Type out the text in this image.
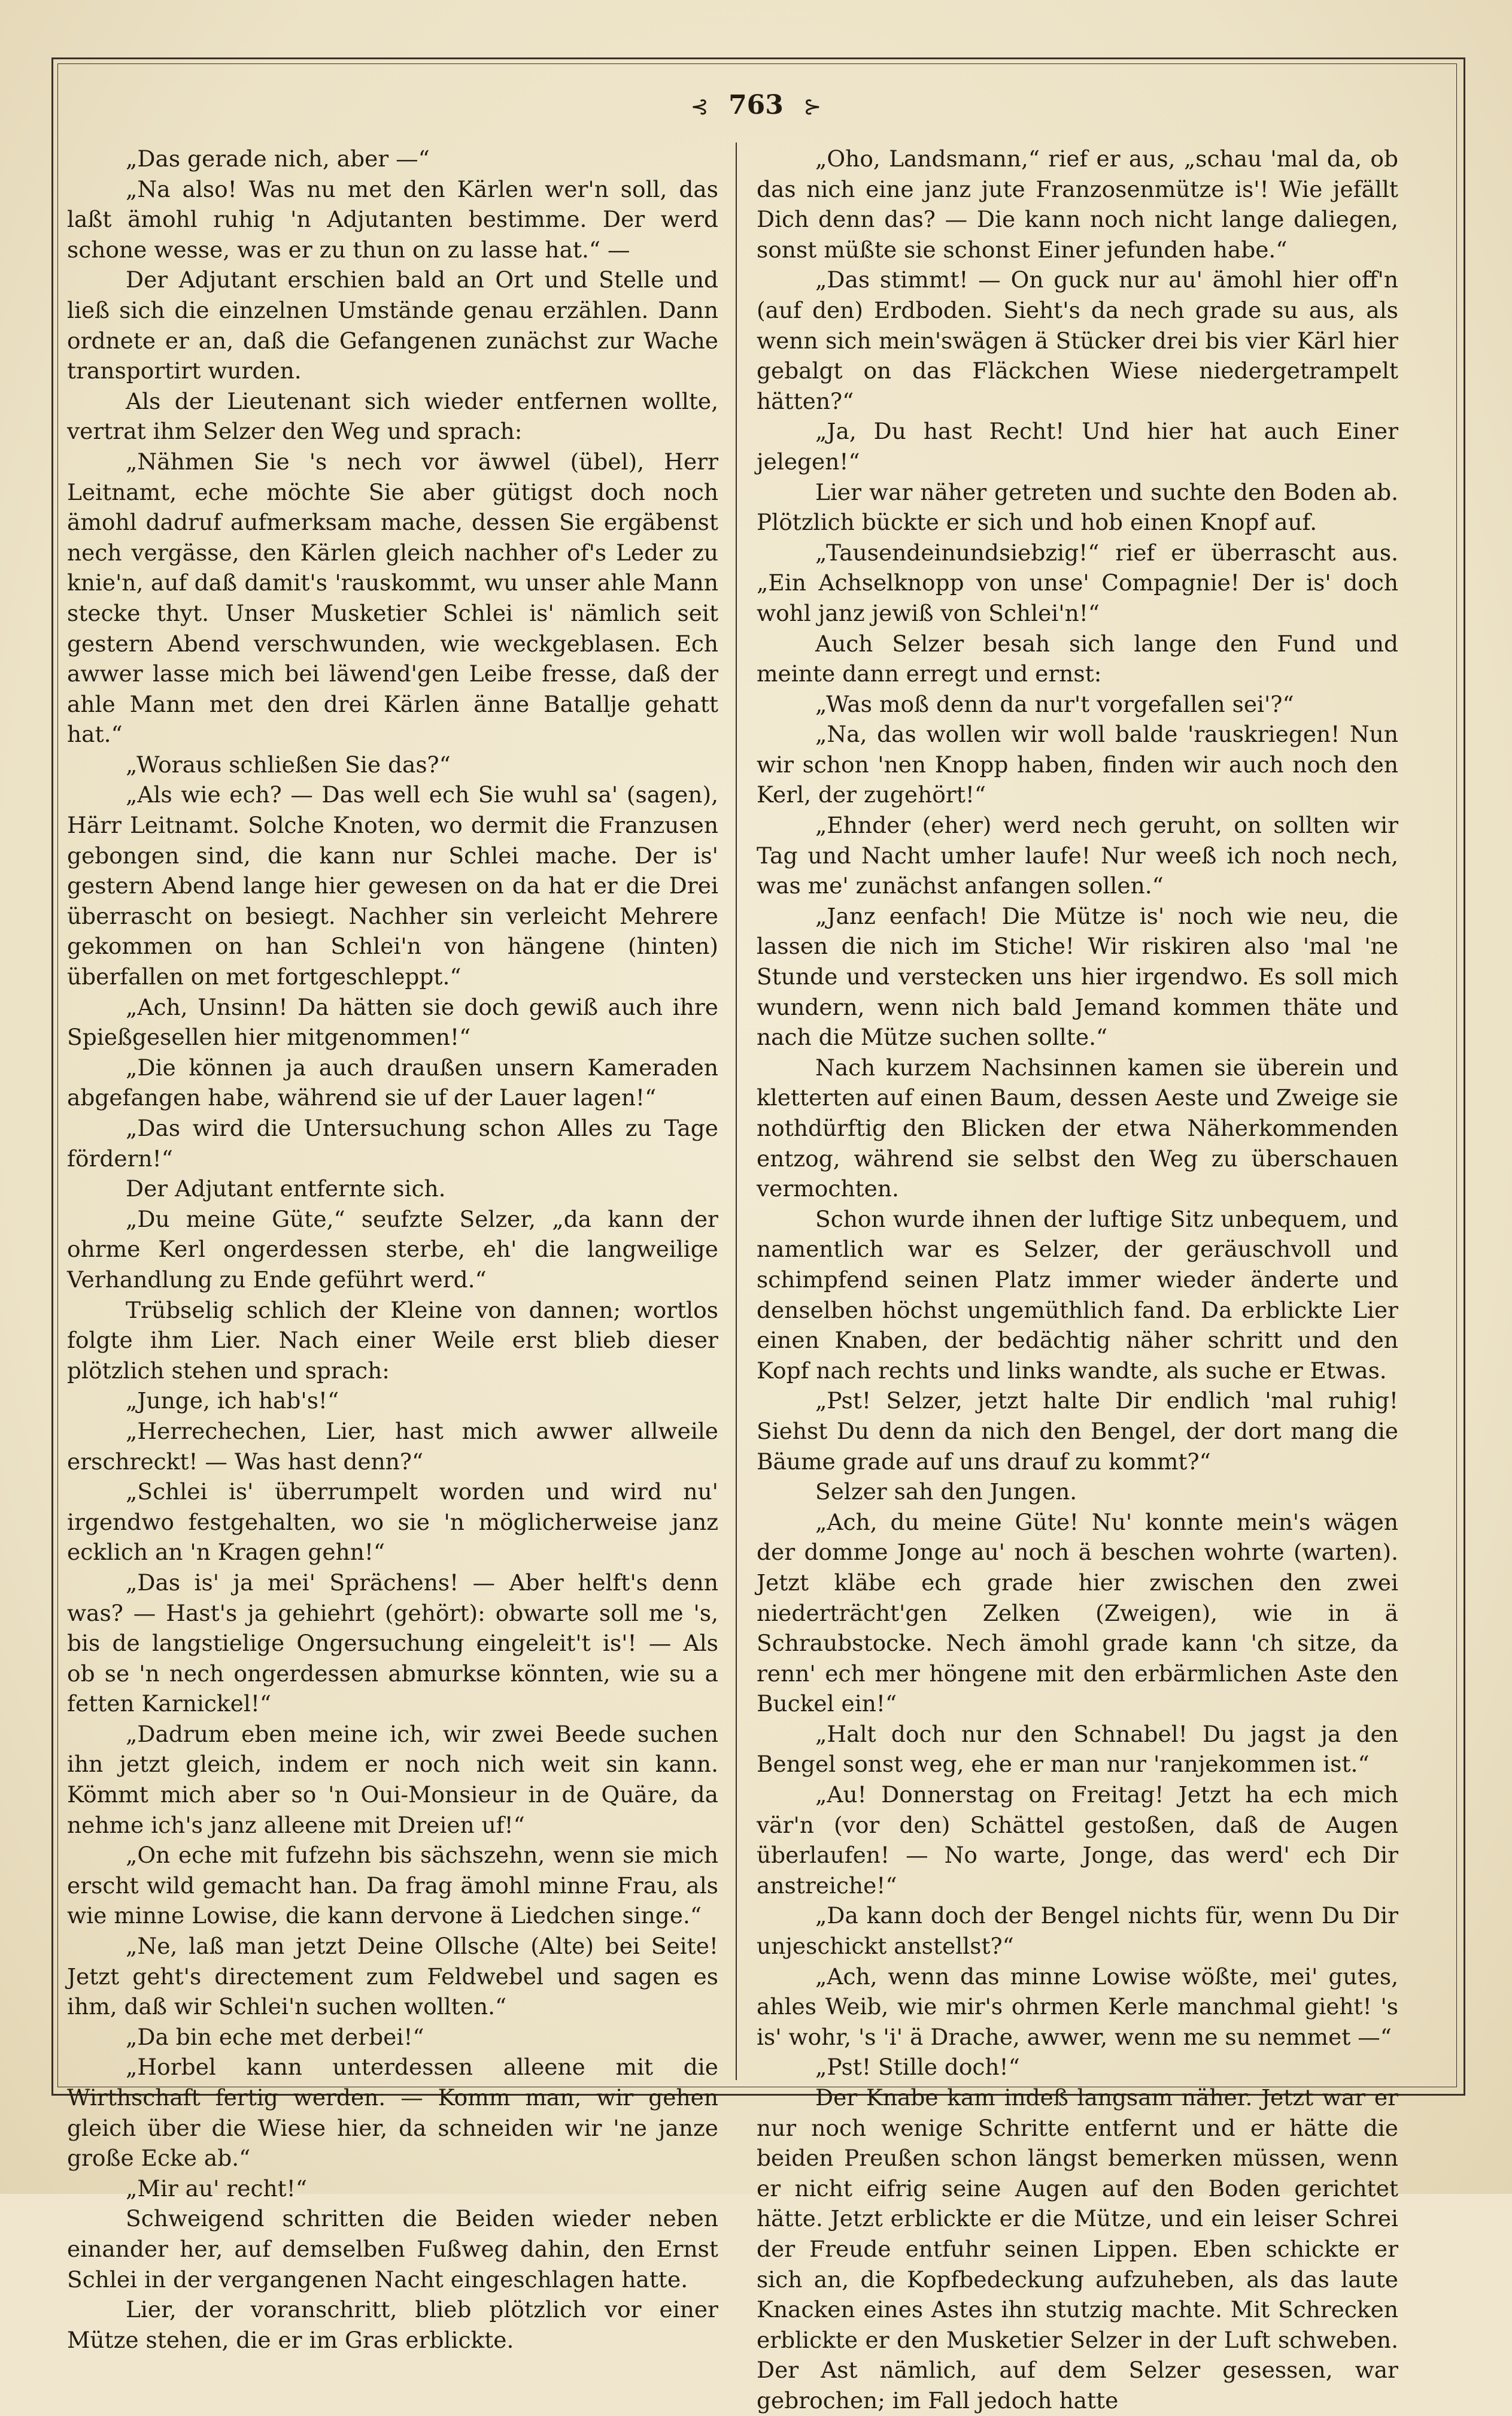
⊰ 763 ⊱

„Das gerade nich, aber —“

„Na also! Was nu met den Kärlen wer'n soll, das laßt ämohl ruhig 'n Adjutanten bestimme. Der werd schone wesse, was er zu thun on zu lasse hat.“ —

Der Adjutant erschien bald an Ort und Stelle und ließ sich die einzelnen Umstände genau erzählen. Dann ordnete er an, daß die Gefangenen zunächst zur Wache transportirt wurden.

Als der Lieutenant sich wieder entfernen wollte, vertrat ihm Selzer den Weg und sprach:

„Nähmen Sie 's nech vor äwwel (übel), Herr Leitnamt, eche möchte Sie aber gütigst doch noch ämohl dadruf aufmerksam mache, dessen Sie ergäbenst nech vergässe, den Kärlen gleich nachher of's Leder zu knie'n, auf daß damit's 'rauskommt, wu unser ahle Mann stecke thyt. Unser Musketier Schlei is' nämlich seit gestern Abend verschwunden, wie weckgeblasen. Ech awwer lasse mich bei läwend'gen Leibe fresse, daß der ahle Mann met den drei Kärlen änne Batallje gehatt hat.“

„Woraus schließen Sie das?“

„Als wie ech? — Das well ech Sie wuhl sa' (sagen), Härr Leitnamt. Solche Knoten, wo dermit die Franzusen gebongen sind, die kann nur Schlei mache. Der is' gestern Abend lange hier gewesen on da hat er die Drei überrascht on besiegt. Nachher sin verleicht Mehrere gekommen on han Schlei'n von hängene (hinten) überfallen on met fortgeschleppt.“

„Ach, Unsinn! Da hätten sie doch gewiß auch ihre Spießgesellen hier mitgenommen!“

„Die können ja auch draußen unsern Kameraden abgefangen habe, während sie uf der Lauer lagen!“

„Das wird die Untersuchung schon Alles zu Tage fördern!“

Der Adjutant entfernte sich.

„Du meine Güte,“ seufzte Selzer, „da kann der ohrme Kerl ongerdessen sterbe, eh' die langweilige Verhandlung zu Ende geführt werd.“

Trübselig schlich der Kleine von dannen; wortlos folgte ihm Lier. Nach einer Weile erst blieb dieser plötzlich stehen und sprach:

„Junge, ich hab's!“

„Herrechechen, Lier, hast mich awwer allweile erschreckt! — Was hast denn?“

„Schlei is' überrumpelt worden und wird nu' irgendwo festgehalten, wo sie 'n möglicherweise janz ecklich an 'n Kragen gehn!“

„Das is' ja mei' Sprächens! — Aber helft's denn was? — Hast's ja gehiehrt (gehört): obwarte soll me 's, bis de langstielige Ongersuchung eingeleit't is'! — Als ob se 'n nech ongerdessen abmurkse könnten, wie su a fetten Karnickel!“

„Dadrum eben meine ich, wir zwei Beede suchen ihn jetzt gleich, indem er noch nich weit sin kann. Kömmt mich aber so 'n Oui-Monsieur in de Quäre, da nehme ich's janz alleene mit Dreien uf!“

„On eche mit fufzehn bis sächszehn, wenn sie mich erscht wild gemacht han. Da frag ämohl minne Frau, als wie minne Lowise, die kann dervone ä Liedchen singe.“

„Ne, laß man jetzt Deine Ollsche (Alte) bei Seite! Jetzt geht's directement zum Feldwebel und sagen es ihm, daß wir Schlei'n suchen wollten.“

„Da bin eche met derbei!“

„Horbel kann unterdessen alleene mit die Wirthschaft fertig werden. — Komm man, wir gehen gleich über die Wiese hier, da schneiden wir 'ne janze große Ecke ab.“

„Mir au' recht!“

Schweigend schritten die Beiden wieder neben einander her, auf demselben Fußweg dahin, den Ernst Schlei in der vergangenen Nacht eingeschlagen hatte.

Lier, der voranschritt, blieb plötzlich vor einer Mütze stehen, die er im Gras erblickte.

„Oho, Landsmann,“ rief er aus, „schau 'mal da, ob das nich eine janz jute Franzosenmütze is'! Wie jefällt Dich denn das? — Die kann noch nicht lange daliegen, sonst müßte sie schonst Einer jefunden habe.“

„Das stimmt! — On guck nur au' ämohl hier off'n (auf den) Erdboden. Sieht's da nech grade su aus, als wenn sich mein'swägen ä Stücker drei bis vier Kärl hier gebalgt on das Fläckchen Wiese niedergetrampelt hätten?“

„Ja, Du hast Recht! Und hier hat auch Einer jelegen!“

Lier war näher getreten und suchte den Boden ab. Plötzlich bückte er sich und hob einen Knopf auf.

„Tausendeinundsiebzig!“ rief er überrascht aus. „Ein Achselknopp von unse' Compagnie! Der is' doch wohl janz jewiß von Schlei'n!“

Auch Selzer besah sich lange den Fund und meinte dann erregt und ernst:

„Was moß denn da nur't vorgefallen sei'?“

„Na, das wollen wir woll balde 'rauskriegen! Nun wir schon 'nen Knopp haben, finden wir auch noch den Kerl, der zugehört!“

„Ehnder (eher) werd nech geruht, on sollten wir Tag und Nacht umher laufe! Nur weeß ich noch nech, was me' zunächst anfangen sollen.“

„Janz eenfach! Die Mütze is' noch wie neu, die lassen die nich im Stiche! Wir riskiren also 'mal 'ne Stunde und verstecken uns hier irgendwo. Es soll mich wundern, wenn nich bald Jemand kommen thäte und nach die Mütze suchen sollte.“

Nach kurzem Nachsinnen kamen sie überein und kletterten auf einen Baum, dessen Aeste und Zweige sie nothdürftig den Blicken der etwa Näherkommenden entzog, während sie selbst den Weg zu überschauen vermochten.

Schon wurde ihnen der luftige Sitz unbequem, und namentlich war es Selzer, der geräuschvoll und schimpfend seinen Platz immer wieder änderte und denselben höchst ungemüthlich fand. Da erblickte Lier einen Knaben, der bedächtig näher schritt und den Kopf nach rechts und links wandte, als suche er Etwas.

„Pst! Selzer, jetzt halte Dir endlich 'mal ruhig! Siehst Du denn da nich den Bengel, der dort mang die Bäume grade auf uns drauf zu kommt?“

Selzer sah den Jungen.

„Ach, du meine Güte! Nu' konnte mein's wägen der domme Jonge au' noch ä beschen wohrte (warten). Jetzt kläbe ech grade hier zwischen den zwei niederträcht'gen Zelken (Zweigen), wie in ä Schraubstocke. Nech ämohl grade kann 'ch sitze, da renn' ech mer höngene mit den erbärmlichen Aste den Buckel ein!“

„Halt doch nur den Schnabel! Du jagst ja den Bengel sonst weg, ehe er man nur 'ranjekommen ist.“

„Au! Donnerstag on Freitag! Jetzt ha ech mich vär'n (vor den) Schättel gestoßen, daß de Augen überlaufen! — No warte, Jonge, das werd' ech Dir anstreiche!“

„Da kann doch der Bengel nichts für, wenn Du Dir unjeschickt anstellst?“

„Ach, wenn das minne Lowise wößte, mei' gutes, ahles Weib, wie mir's ohrmen Kerle manchmal gieht! 's is' wohr, 's 'i' ä Drache, awwer, wenn me su nemmet —“

„Pst! Stille doch!“

Der Knabe kam indeß langsam näher. Jetzt war er nur noch wenige Schritte entfernt und er hätte die beiden Preußen schon längst bemerken müssen, wenn er nicht eifrig seine Augen auf den Boden gerichtet hätte. Jetzt erblickte er die Mütze, und ein leiser Schrei der Freude entfuhr seinen Lippen. Eben schickte er sich an, die Kopfbedeckung aufzuheben, als das laute Knacken eines Astes ihn stutzig machte. Mit Schrecken erblickte er den Musketier Selzer in der Luft schweben. Der Ast nämlich, auf dem Selzer gesessen, war gebrochen; im Fall jedoch hatte
